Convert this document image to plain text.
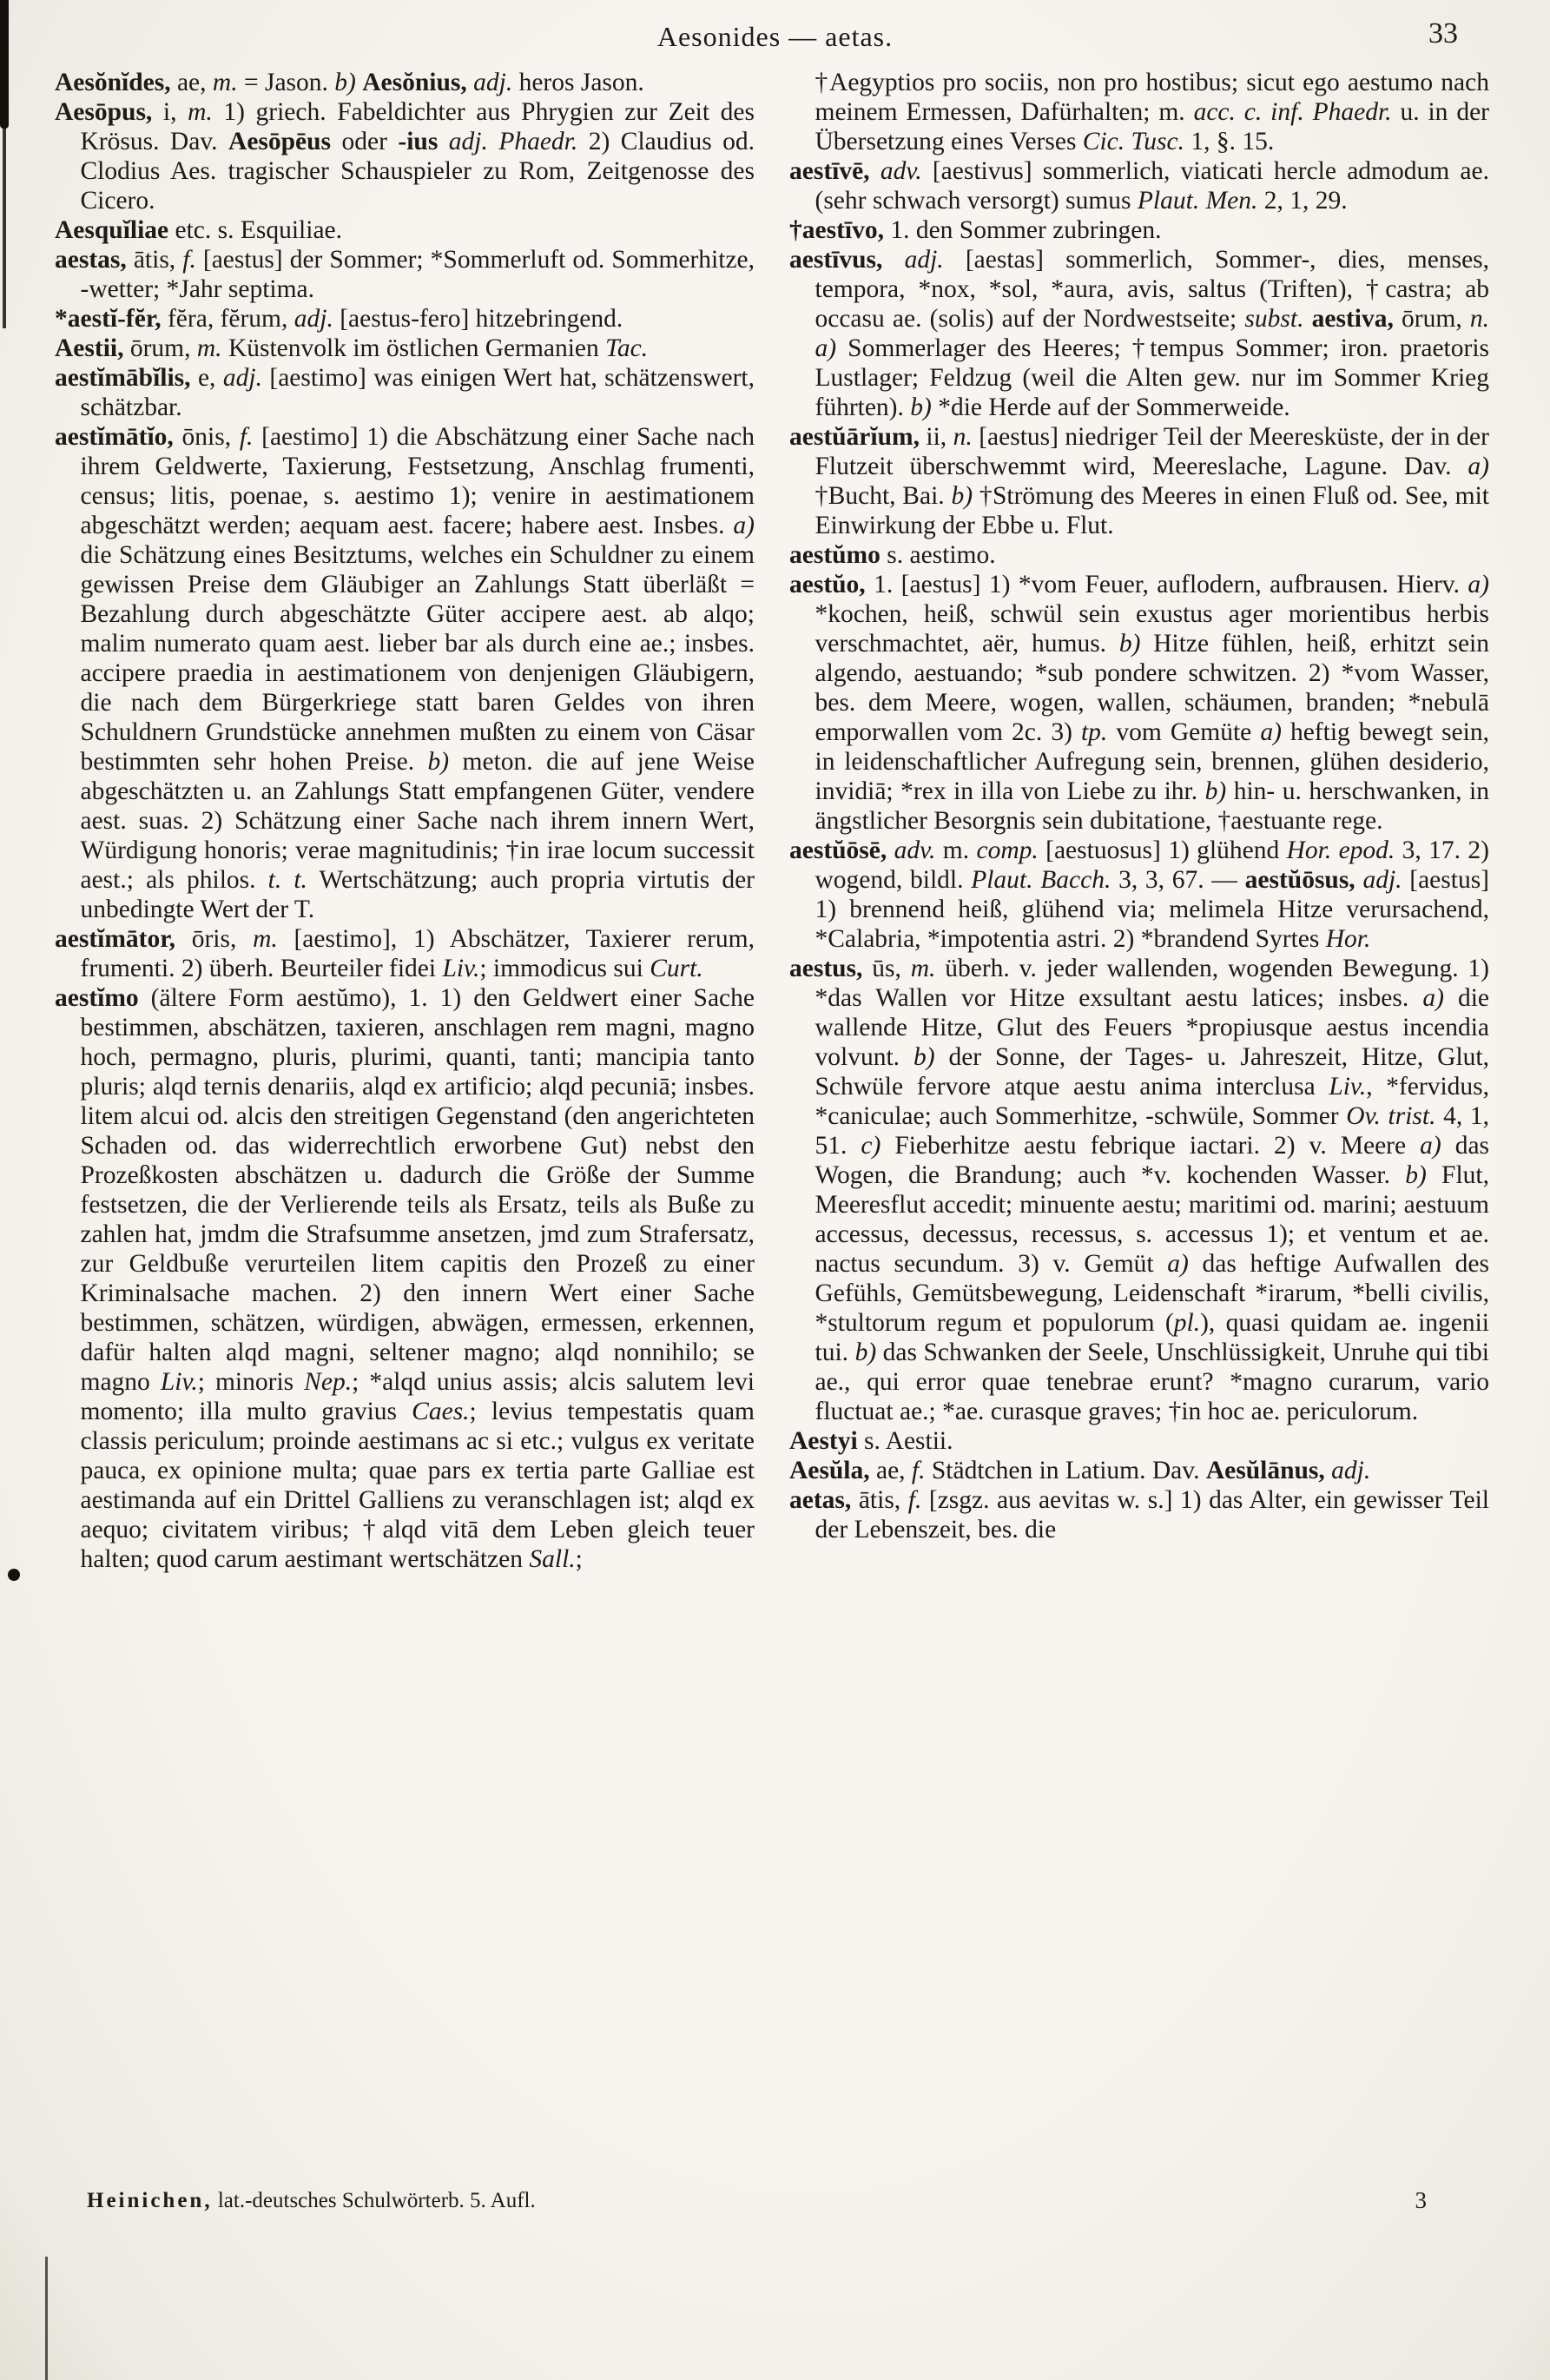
Aesonides — aetas.	33

Aesŏnĭdes, ae, m. = Jason. b) Aesŏnius, adj. heros Jason.

Aesōpus, i, m. 1) griech. Fabeldichter aus Phrygien zur Zeit des Krösus. Dav. Aesōpēus oder -ius adj. Phaedr. 2) Claudius od. Clodius Aes. tragischer Schauspieler zu Rom, Zeitgenosse des Cicero.

Aesquĭliae etc. s. Esquiliae.

aestas, ātis, f. [aestus] der Sommer; *Sommerluft od. Sommerhitze, -wetter; *Jahr septima.

*aestĭ-fĕr, fĕra, fĕrum, adj. [aestus-fero] hitzebringend.

Aestii, ōrum, m. Küstenvolk im östlichen Germanien Tac.

aestĭmābĭlis, e, adj. [aestimo] was einigen Wert hat, schätzenswert, schätzbar.

aestĭmātĭo, ōnis, f. [aestimo] 1) die Abschätzung einer Sache nach ihrem Geldwerte, Taxierung, Festsetzung, Anschlag frumenti, census; litis, poenae, s. aestimo 1); venire in aestimationem abgeschätzt werden; aequam aest. facere; habere aest. Insbes. a) die Schätzung eines Besitztums, welches ein Schuldner zu einem gewissen Preise dem Gläubiger an Zahlungs Statt überläßt = Bezahlung durch abgeschätzte Güter accipere aest. ab alqo; malim numerato quam aest. lieber bar als durch eine ae.; insbes. accipere praedia in aestimationem von denjenigen Gläubigern, die nach dem Bürgerkriege statt baren Geldes von ihren Schuldnern Grundstücke annehmen mußten zu einem von Cäsar bestimmten sehr hohen Preise. b) meton. die auf jene Weise abgeschätzten u. an Zahlungs Statt empfangenen Güter, vendere aest. suas. 2) Schätzung einer Sache nach ihrem innern Wert, Würdigung honoris; verae magnitudinis; †in irae locum successit aest.; als philos. t. t. Wertschätzung; auch propria virtutis der unbedingte Wert der T.

aestĭmātor, ōris, m. [aestimo], 1) Abschätzer, Taxierer rerum, frumenti. 2) überh. Beurteiler fidei Liv.; immodicus sui Curt.

aestĭmo (ältere Form aestŭmo), 1. 1) den Geldwert einer Sache bestimmen, abschätzen, taxieren, anschlagen rem magni, magno hoch, permagno, pluris, plurimi, quanti, tanti; mancipia tanto pluris; alqd ternis denariis, alqd ex artificio; alqd pecuniā; insbes. litem alcui od. alcis den streitigen Gegenstand (den angerichteten Schaden od. das widerrechtlich erworbene Gut) nebst den Prozeßkosten abschätzen u. dadurch die Größe der Summe festsetzen, die der Verlierende teils als Ersatz, teils als Buße zu zahlen hat, jmdm die Strafsumme ansetzen, jmd zum Strafersatz, zur Geldbuße verurteilen litem capitis den Prozeß zu einer Kriminalsache machen. 2) den innern Wert einer Sache bestimmen, schätzen, würdigen, abwägen, ermessen, erkennen, dafür halten alqd magni, seltener magno; alqd nonnihilo; se magno Liv.; minoris Nep.; *alqd unius assis; alcis salutem levi momento; illa multo gravius Caes.; levius tempestatis quam classis periculum; proinde aestimans ac si etc.; vulgus ex veritate pauca, ex opinione multa; quae pars ex tertia parte Galliae est aestimanda auf ein Drittel Galliens zu veranschlagen ist; alqd ex aequo; civitatem viribus; †alqd vitā dem Leben gleich teuer halten; quod carum aestimant wertschätzen Sall.;

†Aegyptios pro sociis, non pro hostibus; sicut ego aestumo nach meinem Ermessen, Dafürhalten; m. acc. c. inf. Phaedr. u. in der Übersetzung eines Verses Cic. Tusc. 1, §. 15.

aestīvē, adv. [aestivus] sommerlich, viaticati hercle admodum ae. (sehr schwach versorgt) sumus Plaut. Men. 2, 1, 29.

†aestīvo, 1. den Sommer zubringen.

aestīvus, adj. [aestas] sommerlich, Sommer-, dies, menses, tempora, *nox, *sol, *aura, avis, saltus (Triften), †castra; ab occasu ae. (solis) auf der Nordwestseite; subst. aestiva, ōrum, n. a) Sommerlager des Heeres; †tempus Sommer; iron. praetoris Lustlager; Feldzug (weil die Alten gew. nur im Sommer Krieg führten). b) *die Herde auf der Sommerweide.

aestŭārĭum, ii, n. [aestus] niedriger Teil der Meeresküste, der in der Flutzeit überschwemmt wird, Meereslache, Lagune. Dav. a) †Bucht, Bai. b) †Strömung des Meeres in einen Fluß od. See, mit Einwirkung der Ebbe u. Flut.

aestŭmo s. aestimo.

aestŭo, 1. [aestus] 1) *vom Feuer, auflodern, aufbrausen. Hierv. a) *kochen, heiß, schwül sein exustus ager morientibus herbis verschmachtet, aër, humus. b) Hitze fühlen, heiß, erhitzt sein algendo, aestuando; *sub pondere schwitzen. 2) *vom Wasser, bes. dem Meere, wogen, wallen, schäumen, branden; *nebulā emporwallen vom 2c. 3) tp. vom Gemüte a) heftig bewegt sein, in leidenschaftlicher Aufregung sein, brennen, glühen desiderio, invidiā; *rex in illa von Liebe zu ihr. b) hin- u. herschwanken, in ängstlicher Besorgnis sein dubitatione, †aestuante rege.

aestŭōsē, adv. m. comp. [aestuosus] 1) glühend Hor. epod. 3, 17. 2) wogend, bildl. Plaut. Bacch. 3, 3, 67. — aestŭōsus, adj. [aestus] 1) brennend heiß, glühend via; melimela Hitze verursachend, *Calabria, *impotentia astri. 2) *brandend Syrtes Hor.

aestus, ūs, m. überh. v. jeder wallenden, wogenden Bewegung. 1) *das Wallen vor Hitze exsultant aestu latices; insbes. a) die wallende Hitze, Glut des Feuers *propiusque aestus incendia volvunt. b) der Sonne, der Tages- u. Jahreszeit, Hitze, Glut, Schwüle fervore atque aestu anima interclusa Liv., *fervidus, *caniculae; auch Sommerhitze, -schwüle, Sommer Ov. trist. 4, 1, 51. c) Fieberhitze aestu febrique iactari. 2) v. Meere a) das Wogen, die Brandung; auch *v. kochenden Wasser. b) Flut, Meeresflut accedit; minuente aestu; maritimi od. marini; aestuum accessus, decessus, recessus, s. accessus 1); et ventum et ae. nactus secundum. 3) v. Gemüt a) das heftige Aufwallen des Gefühls, Gemütsbewegung, Leidenschaft *irarum, *belli civilis, *stultorum regum et populorum (pl.), quasi quidam ae. ingenii tui. b) das Schwanken der Seele, Unschlüssigkeit, Unruhe qui tibi ae., qui error quae tenebrae erunt? *magno curarum, vario fluctuat ae.; *ae. curasque graves; †in hoc ae. periculorum.

Aestyi s. Aestii.

Aesŭla, ae, f. Städtchen in Latium. Dav. Aesŭlānus, adj.

aetas, ātis, f. [zsgz. aus aevitas w. s.] 1) das Alter, ein gewisser Teil der Lebenszeit, bes. die

Heinichen, lat.-deutsches Schulwörterb. 5. Aufl.	3
